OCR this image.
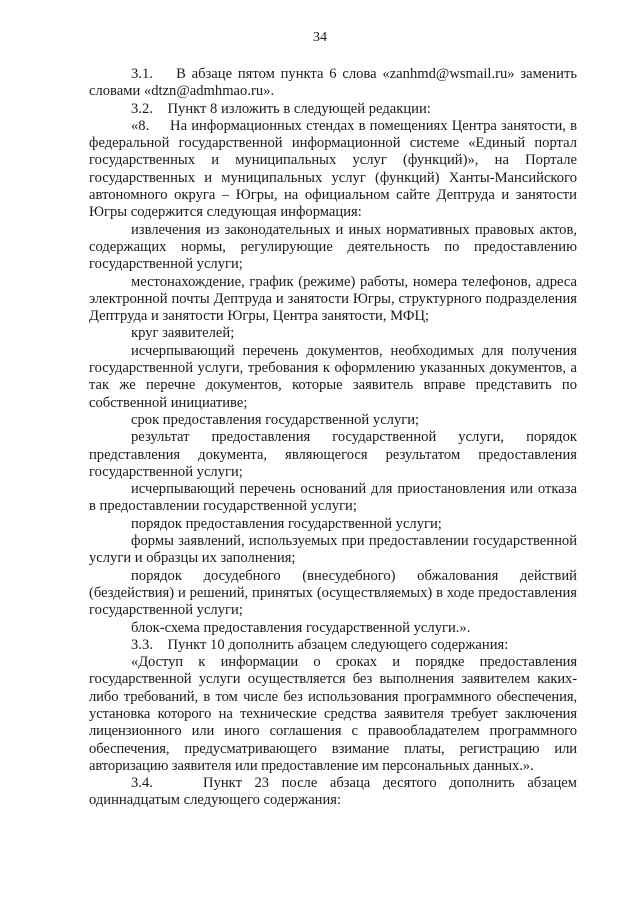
34

3.1.    В абзаце пятом пункта 6 слова «zanhmd@wsmail.ru» заменить словами «dtzn@admhmao.ru».

3.2.    Пункт 8 изложить в следующей редакции:

«8.     На информационных стендах в помещениях Центра занятости, в федеральной государственной информационной системе «Единый портал государственных и муниципальных услуг (функций)», на Портале государственных и муниципальных услуг (функций) Ханты-Мансийского автономного округа – Югры, на официальном сайте Дептруда и занятости Югры содержится следующая информация:

извлечения из законодательных и иных нормативных правовых актов, содержащих нормы, регулирующие деятельность по предоставлению государственной услуги;

местонахождение, график (режиме) работы, номера телефонов, адреса электронной почты Дептруда и занятости Югры, структурного подразделения Дептруда и занятости Югры, Центра занятости, МФЦ;

круг заявителей;

исчерпывающий перечень документов, необходимых для получения государственной услуги, требования к оформлению указанных документов, а так же перечне документов, которые заявитель вправе представить по собственной инициативе;

срок предоставления государственной услуги;

результат предоставления государственной услуги, порядок представления документа, являющегося результатом предоставления государственной услуги;

исчерпывающий перечень оснований для приостановления или отказа в предоставлении государственной услуги;

порядок предоставления государственной услуги;

формы заявлений, используемых при предоставлении государственной услуги и образцы их заполнения;

порядок досудебного (внесудебного) обжалования действий (бездействия) и решений, принятых (осуществляемых) в ходе предоставления государственной услуги;

блок-схема предоставления государственной услуги.».

3.3.    Пункт 10 дополнить абзацем следующего содержания:

«Доступ к информации о сроках и порядке предоставления государственной услуги осуществляется без выполнения заявителем каких-либо требований, в том числе без использования программного обеспечения, установка которого на технические средства заявителя требует заключения лицензионного или иного соглашения с правообладателем программного обеспечения, предусматривающего взимание платы, регистрацию или авторизацию заявителя или предоставление им персональных данных.».

3.4.    Пункт 23 после абзаца десятого дополнить абзацем одиннадцатым следующего содержания:
